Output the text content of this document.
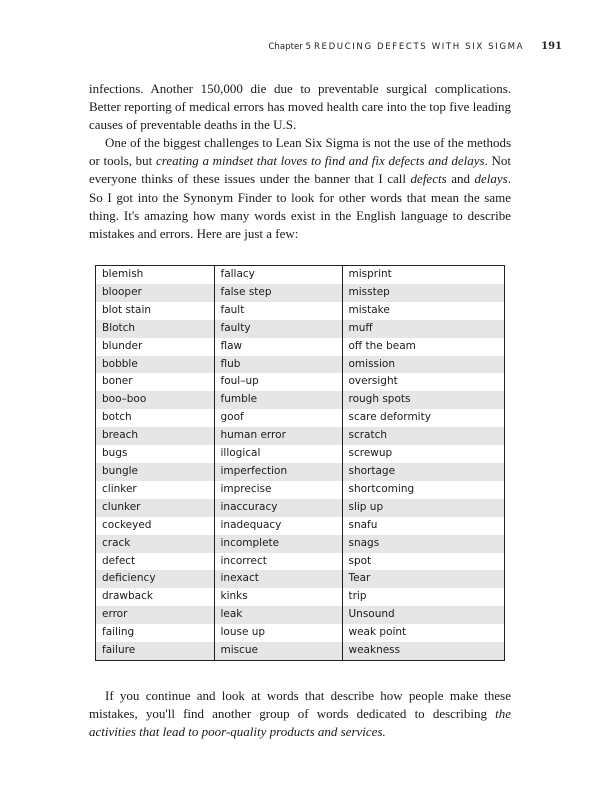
Chapter 5 REDUCING DEFECTS WITH SIX SIGMA 191

infections. Another 150,000 die due to preventable surgical complications. Better reporting of medical errors has moved health care into the top five leading causes of preventable deaths in the U.S.

One of the biggest challenges to Lean Six Sigma is not the use of the methods or tools, but creating a mindset that loves to find and fix defects and delays. Not everyone thinks of these issues under the banner that I call defects and delays. So I got into the Synonym Finder to look for other words that mean the same thing. It's amazing how many words exist in the English language to describe mistakes and errors. Here are just a few:

blemish	fallacy	misprint
blooper	false step	misstep
blot stain	fault	mistake
Blotch	faulty	muff
blunder	flaw	off the beam
bobble	flub	omission
boner	foul–up	oversight
boo–boo	fumble	rough spots
botch	goof	scare deformity
breach	human error	scratch
bugs	illogical	screwup
bungle	imperfection	shortage
clinker	imprecise	shortcoming
clunker	inaccuracy	slip up
cockeyed	inadequacy	snafu
crack	incomplete	snags
defect	incorrect	spot
deficiency	inexact	Tear
drawback	kinks	trip
error	leak	Unsound
failing	louse up	weak point
failure	miscue	weakness

If you continue and look at words that describe how people make these mistakes, you'll find another group of words dedicated to describing the activities that lead to poor-quality products and services.
